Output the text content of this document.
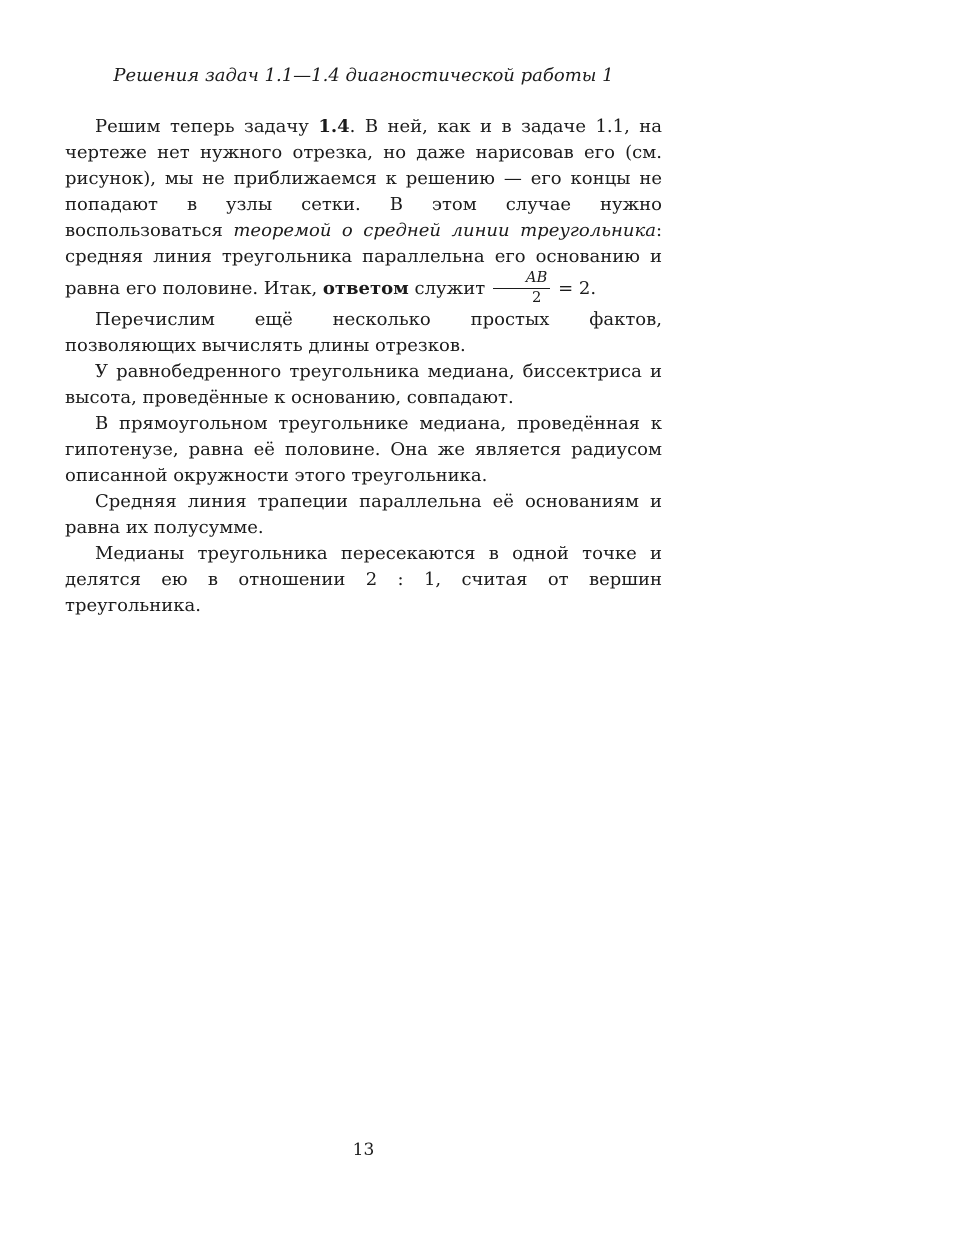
Решения задач 1.1—1.4 диагностической работы 1

Решим теперь задачу 1.4. В ней, как и в задаче 1.1, на чертеже нет нужного отрезка, но даже нарисовав его (см. рисунок), мы не приближаемся к решению — его концы не попадают в узлы сетки. В этом случае нужно воспользоваться теоремой о средней линии треугольника: средняя линия треугольника параллельна его основанию и равна его половине. Итак, ответом служит $\frac{AB}{2} = 2$.

Перечислим ещё несколько простых фактов, позволяющих вычислять длины отрезков.

У равнобедренного треугольника медиана, биссектриса и высота, проведённые к основанию, совпадают.

В прямоугольном треугольнике медиана, проведённая к гипотенузе, равна её половине. Она же является радиусом описанной окружности этого треугольника.

Средняя линия трапеции параллельна её основаниям и равна их полусумме.

Медианы треугольника пересекаются в одной точке и делятся ею в отношении 2 : 1, считая от вершин треугольника.

13
